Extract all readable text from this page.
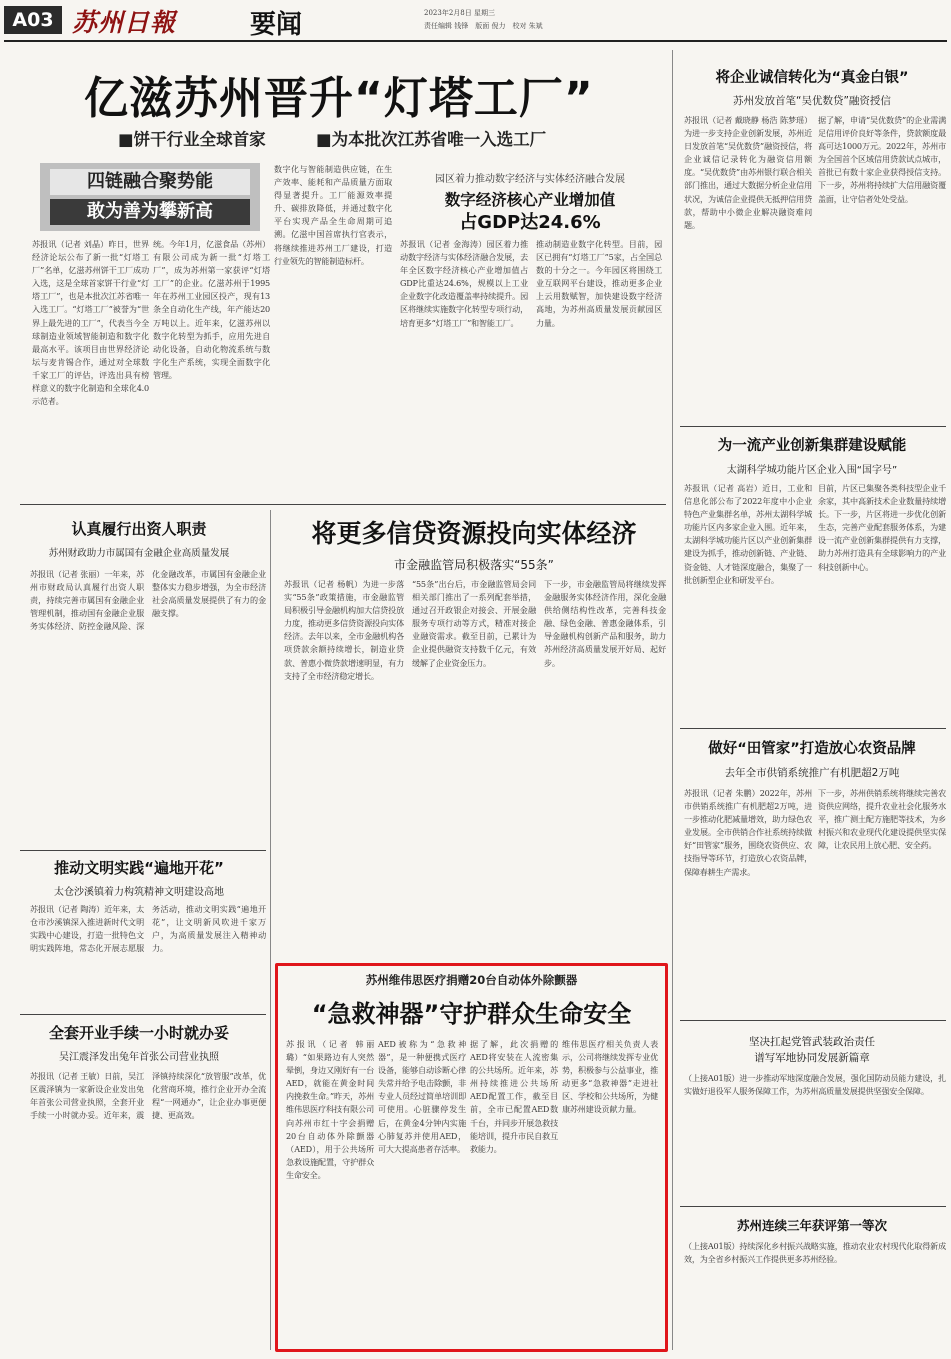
A03 苏州日報	要闻	2023年2月8日 星期三
责任编辑 钱锋　版面 倪力　校对 朱斌
亿滋苏州晋升“灯塔工厂”
■饼干行业全球首家	■为本批次江苏省唯一入选工厂
四链融合聚势能
敢为善为攀新高
苏报讯（记者 刘晶）昨日，世界经济论坛公布了新一批“灯塔工厂”名单，亿滋苏州饼干工厂成功入选，这是全球首家饼干行业“灯塔工厂”，也是本批次江苏省唯一入选工厂。“灯塔工厂”被誉为“世界上最先进的工厂”，代表当今全球制造业领域智能制造和数字化最高水平。该项目由世界经济论坛与麦肯锡合作，通过对全球数千家工厂的评估，评选出具有榜样意义的数字化制造和全球化4.0示范者。
统。今年1月，亿滋食品（苏州）有限公司成为新一批“灯塔工厂”，成为苏州第一家获评“灯塔工厂”的企业。亿滋苏州于1995年在苏州工业园区投产，现有13条全自动化生产线，年产能达20万吨以上。近年来，亿滋苏州以数字化转型为抓手，应用先进自动化设备，自动化物流系统与数字化生产系统，实现全面数字化管理。
数字化与智能制造供应链，在生产效率、能耗和产品质量方面取得显著提升。工厂能源效率提升、碳排放降低，并通过数字化平台实现产品全生命周期可追溯。亿滋中国首席执行官表示，将继续推进苏州工厂建设，打造行业领先的智能制造标杆。
园区着力推动数字经济与实体经济融合发展
数字经济核心产业增加值
占GDP达24.6%
苏报讯（记者 金海涛）园区着力推动数字经济与实体经济融合发展，去年全区数字经济核心产业增加值占GDP比重达24.6%，规模以上工业企业数字化改造覆盖率持续提升。园区将继续实施数字化转型专项行动，培育更多“灯塔工厂”和智能工厂。
推动制造业数字化转型。目前，园区已拥有“灯塔工厂”5家，占全国总数的十分之一。今年园区将围绕工业互联网平台建设，推动更多企业上云用数赋智，加快建设数字经济高地，为苏州高质量发展贡献园区力量。
将企业诚信转化为“真金白银”
苏州发放首笔“吴优数贷”融资授信
苏报讯（记者 戴晓静 杨浩 陈梦瑶）为进一步支持企业创新发展，苏州近日发放首笔“吴优数贷”融资授信，将企业诚信记录转化为融资信用额度。“吴优数贷”由苏州银行联合相关部门推出，通过大数据分析企业信用状况，为诚信企业提供无抵押信用贷款，帮助中小微企业解决融资难问题。
据了解，申请“吴优数贷”的企业需满足信用评价良好等条件，贷款额度最高可达1000万元。2022年，苏州市为全国首个区域信用贷款试点城市，首批已有数十家企业获得授信支持。下一步，苏州将持续扩大信用融资覆盖面，让守信者处处受益。
为一流产业创新集群建设赋能
太湖科学城功能片区企业入围“国字号”
苏报讯（记者 高岩）近日，工业和信息化部公布了2022年度中小企业特色产业集群名单，苏州太湖科学城功能片区内多家企业入围。近年来，太湖科学城功能片区以产业创新集群建设为抓手，推动创新链、产业链、资金链、人才链深度融合，集聚了一批创新型企业和研发平台。
目前，片区已集聚各类科技型企业千余家，其中高新技术企业数量持续增长。下一步，片区将进一步优化创新生态，完善产业配套服务体系，为建设一流产业创新集群提供有力支撑，助力苏州打造具有全球影响力的产业科技创新中心。
做好“田管家”打造放心农资品牌
去年全市供销系统推广有机肥超2万吨
苏报讯（记者 朱鹏）2022年，苏州市供销系统推广有机肥超2万吨，进一步推动化肥减量增效，助力绿色农业发展。全市供销合作社系统持续做好“田管家”服务，围绕农资供应、农技指导等环节，打造放心农资品牌，保障春耕生产需求。
下一步，苏州供销系统将继续完善农资供应网络，提升农业社会化服务水平，推广测土配方施肥等技术，为乡村振兴和农业现代化建设提供坚实保障，让农民用上放心肥、安全药。
坚决扛起党管武装政治责任
谱写军地协同发展新篇章
（上接A01版）进一步推动军地深度融合发展，强化国防动员能力建设，扎实做好退役军人服务保障工作，为苏州高质量发展提供坚强安全保障。
苏州连续三年获评第一等次
（上接A01版）持续深化乡村振兴战略实施，推动农业农村现代化取得新成效，为全省乡村振兴工作提供更多苏州经验。
认真履行出资人职责
苏州财政助力市属国有金融企业高质量发展
苏报讯（记者 张丽）一年来，苏州市财政局认真履行出资人职责，持续完善市属国有金融企业管理机制，推动国有金融企业服务实体经济、防控金融风险、深化金融改革，市属国有金融企业整体实力稳步增强，为全市经济社会高质量发展提供了有力的金融支撑。
推动文明实践“遍地开花”
太仓沙溪镇着力构筑精神文明建设高地
苏报讯（记者 陶涛）近年来，太仓市沙溪镇深入推进新时代文明实践中心建设，打造一批特色文明实践阵地，常态化开展志愿服务活动，推动文明实践“遍地开花”，让文明新风吹进千家万户，为高质量发展注入精神动力。
全套开业手续一小时就办妥
吴江震泽发出兔年首张公司营业执照
苏报讯（记者 王敏）日前，吴江区震泽镇为一家新设企业发出兔年首张公司营业执照，全套开业手续一小时就办妥。近年来，震泽镇持续深化“放管服”改革，优化营商环境，推行企业开办全流程“一网通办”，让企业办事更便捷、更高效。
将更多信贷资源投向实体经济
市金融监管局积极落实“55条”
苏报讯（记者 杨帆）为进一步落实“55条”政策措施，市金融监管局积极引导金融机构加大信贷投放力度，推动更多信贷资源投向实体经济。去年以来，全市金融机构各项贷款余额持续增长，制造业贷款、普惠小微贷款增速明显，有力支持了全市经济稳定增长。
“55条”出台后，市金融监管局会同相关部门推出了一系列配套举措，通过召开政银企对接会、开展金融服务专项行动等方式，精准对接企业融资需求。截至目前，已累计为企业提供融资支持数千亿元，有效缓解了企业资金压力。
下一步，市金融监管局将继续发挥金融服务实体经济作用，深化金融供给侧结构性改革，完善科技金融、绿色金融、普惠金融体系，引导金融机构创新产品和服务，助力苏州经济高质量发展开好局、起好步。
苏州维伟思医疗捐赠20台自动体外除颤器
“急救神器”守护群众生命安全
苏报讯（记者 韩丽璐）“如果路边有人突然晕倒，身边又刚好有一台AED，就能在黄金时间内挽救生命。”昨天，苏州维伟思医疗科技有限公司向苏州市红十字会捐赠20台自动体外除颤器（AED），用于公共场所急救设施配置，守护群众生命安全。
AED被称为“急救神器”，是一种便携式医疗设备，能够自动诊断心律失常并给予电击除颤，非专业人员经过简单培训即可使用。心脏骤停发生后，在黄金4分钟内实施心肺复苏并使用AED，可大大提高患者存活率。
据了解，此次捐赠的AED将安装在人流密集的公共场所。近年来，苏州持续推进公共场所AED配置工作，截至目前，全市已配置AED数千台，并同步开展急救技能培训，提升市民自救互救能力。
维伟思医疗相关负责人表示，公司将继续发挥专业优势，积极参与公益事业，推动更多“急救神器”走进社区、学校和公共场所，为健康苏州建设贡献力量。
